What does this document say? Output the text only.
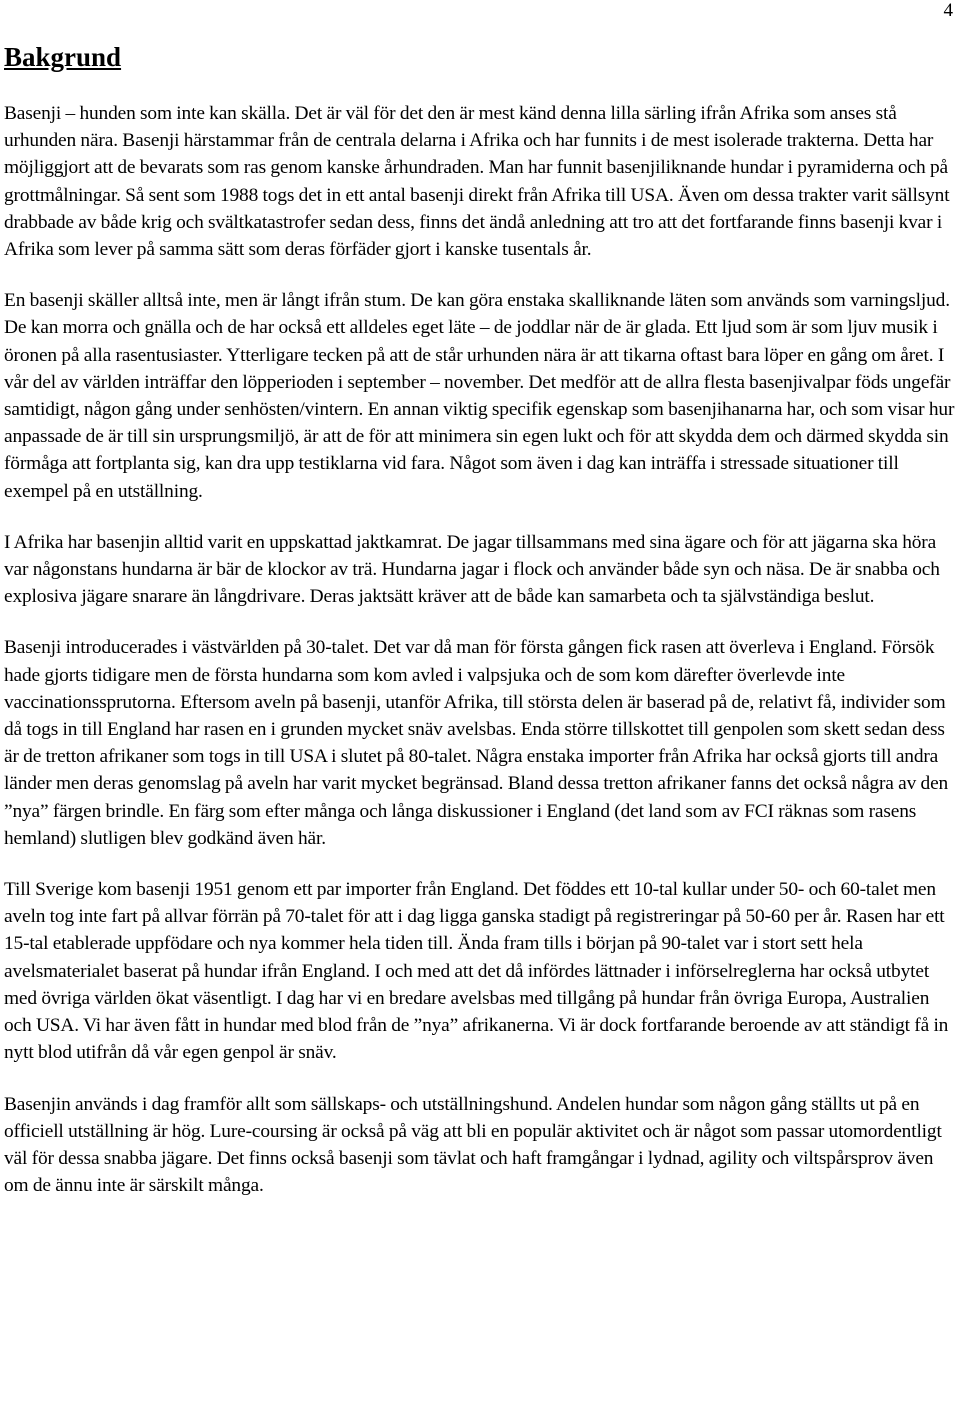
4
Bakgrund

Basenji – hunden som inte kan skälla. Det är väl för det den är mest känd denna lilla särling ifrån Afrika som anses stå urhunden nära. Basenji härstammar från de centrala delarna i Afrika och har funnits i de mest isolerade trakterna. Detta har möjliggjort att de bevarats som ras genom kanske århundraden. Man har funnit basenjiliknande hundar i pyramiderna och på grottmålningar. Så sent som 1988 togs det in ett antal basenji direkt från Afrika till USA. Även om dessa trakter varit sällsynt drabbade av både krig och svältkatastrofer sedan dess, finns det ändå anledning att tro att det fortfarande finns basenji kvar i Afrika som lever på samma sätt som deras förfäder gjort i kanske tusentals år.

En basenji skäller alltså inte, men är långt ifrån stum. De kan göra enstaka skalliknande läten som används som varningsljud. De kan morra och gnälla och de har också ett alldeles eget läte – de joddlar när de är glada. Ett ljud som är som ljuv musik i öronen på alla rasentusiaster. Ytterligare tecken på att de står urhunden nära är att tikarna oftast bara löper en gång om året. I vår del av världen inträffar den löpperioden i september – november. Det medför att de allra flesta basenjivalpar föds ungefär samtidigt, någon gång under senhösten/vintern. En annan viktig specifik egenskap som basenjihanarna har, och som visar hur anpassade de är till sin ursprungsmiljö, är att de för att minimera sin egen lukt och för att skydda dem och därmed skydda sin förmåga att fortplanta sig, kan dra upp testiklarna vid fara. Något som även i dag kan inträffa i stressade situationer till exempel på en utställning.

I Afrika har basenjin alltid varit en uppskattad jaktkamrat. De jagar tillsammans med sina ägare och för att jägarna ska höra var någonstans hundarna är bär de klockor av trä. Hundarna jagar i flock och använder både syn och näsa. De är snabba och explosiva jägare snarare än långdrivare. Deras jaktsätt kräver att de både kan samarbeta och ta självständiga beslut.

Basenji introducerades i västvärlden på 30-talet. Det var då man för första gången fick rasen att överleva i England. Försök hade gjorts tidigare men de första hundarna som kom avled i valpsjuka och de som kom därefter överlevde inte vaccinationssprutorna. Eftersom aveln på basenji, utanför Afrika, till största delen är baserad på de, relativt få, individer som då togs in till England har rasen en i grunden mycket snäv avelsbas. Enda större tillskottet till genpolen som skett sedan dess är de tretton afrikaner som togs in till USA i slutet på 80-talet. Några enstaka importer från Afrika har också gjorts till andra länder men deras genomslag på aveln har varit mycket begränsad. Bland dessa tretton afrikaner fanns det också några av den ”nya” färgen brindle. En färg som efter många och långa diskussioner i England (det land som av FCI räknas som rasens hemland) slutligen blev godkänd även här.

Till Sverige kom basenji 1951 genom ett par importer från England. Det föddes ett 10-tal kullar under 50- och 60-talet men aveln tog inte fart på allvar förrän på 70-talet för att i dag ligga ganska stadigt på registreringar på 50-60 per år. Rasen har ett 15-tal etablerade uppfödare och nya kommer hela tiden till. Ända fram tills i början på 90-talet var i stort sett hela avelsmaterialet baserat på hundar ifrån England. I och med att det då infördes lättnader i införselreglerna har också utbytet med övriga världen ökat väsentligt. I dag har vi en bredare avelsbas med tillgång på hundar från övriga Europa, Australien och USA. Vi har även fått in hundar med blod från de ”nya” afrikanerna. Vi är dock fortfarande beroende av att ständigt få in nytt blod utifrån då vår egen genpol är snäv.

Basenjin används i dag framför allt som sällskaps- och utställningshund. Andelen hundar som någon gång ställts ut på en officiell utställning är hög. Lure-coursing är också på väg att bli en populär aktivitet och är något som passar utomordentligt väl för dessa snabba jägare. Det finns också basenji som tävlat och haft framgångar i lydnad, agility och viltspårsprov även om de ännu inte är särskilt många.
